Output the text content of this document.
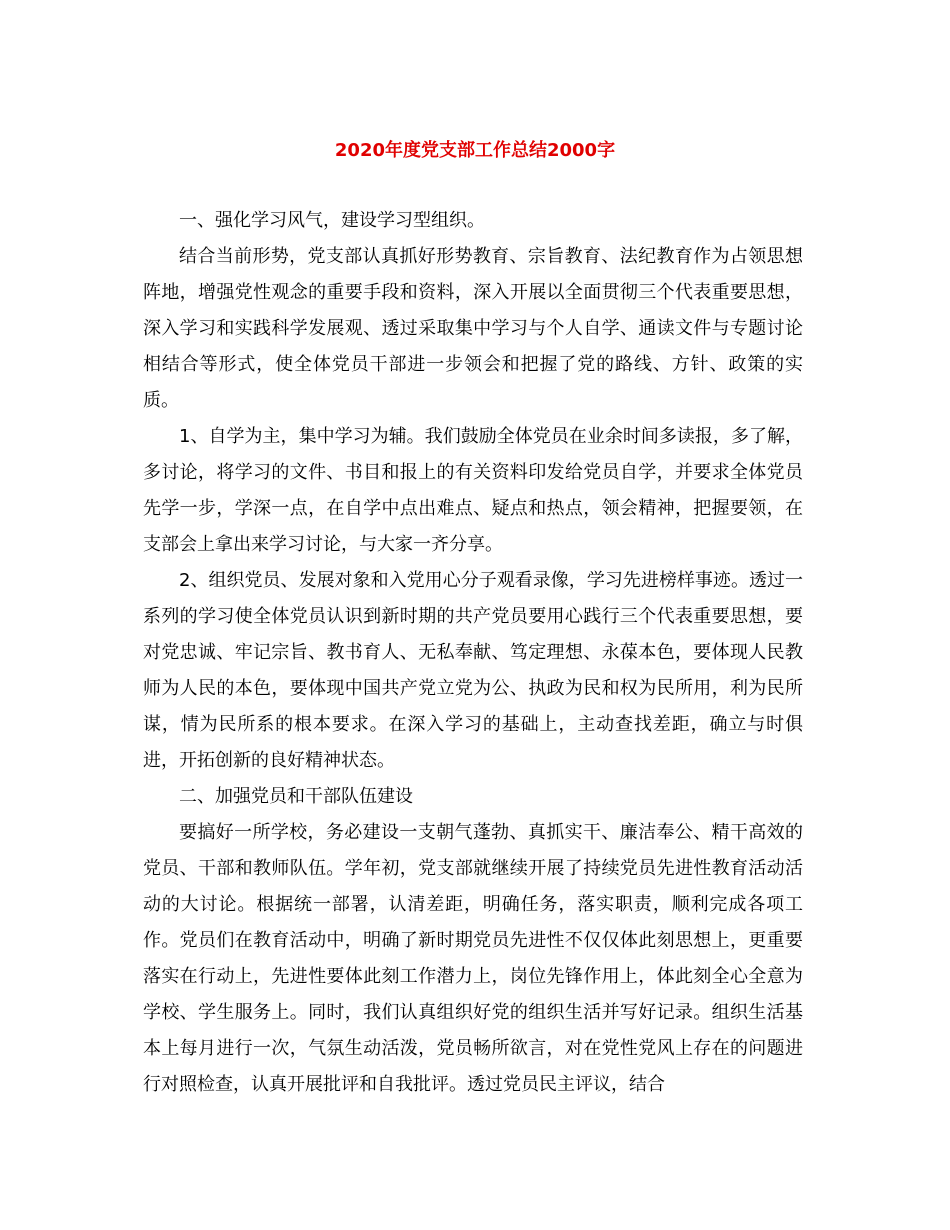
2020年度党支部工作总结2000字

一、强化学习风气，建设学习型组织。

结合当前形势，党支部认真抓好形势教育、宗旨教育、法纪教育作为占领思想阵地，增强党性观念的重要手段和资料，深入开展以全面贯彻三个代表重要思想，深入学习和实践科学发展观、透过采取集中学习与个人自学、通读文件与专题讨论相结合等形式，使全体党员干部进一步领会和把握了党的路线、方针、政策的实质。

1、自学为主，集中学习为辅。我们鼓励全体党员在业余时间多读报，多了解，多讨论，将学习的文件、书目和报上的有关资料印发给党员自学，并要求全体党员先学一步，学深一点，在自学中点出难点、疑点和热点，领会精神，把握要领，在支部会上拿出来学习讨论，与大家一齐分享。

2、组织党员、发展对象和入党用心分子观看录像，学习先进榜样事迹。透过一系列的学习使全体党员认识到新时期的共产党员要用心践行三个代表重要思想，要对党忠诚、牢记宗旨、教书育人、无私奉献、笃定理想、永葆本色，要体现人民教师为人民的本色，要体现中国共产党立党为公、执政为民和权为民所用，利为民所谋，情为民所系的根本要求。在深入学习的基础上，主动查找差距，确立与时俱进，开拓创新的良好精神状态。

二、加强党员和干部队伍建设

要搞好一所学校，务必建设一支朝气蓬勃、真抓实干、廉洁奉公、精干高效的党员、干部和教师队伍。学年初，党支部就继续开展了持续党员先进性教育活动活动的大讨论。根据统一部署，认清差距，明确任务，落实职责，顺利完成各项工作。党员们在教育活动中，明确了新时期党员先进性不仅仅体此刻思想上，更重要落实在行动上，先进性要体此刻工作潜力上，岗位先锋作用上，体此刻全心全意为学校、学生服务上。同时，我们认真组织好党的组织生活并写好记录。组织生活基本上每月进行一次，气氛生动活泼，党员畅所欲言，对在党性党风上存在的问题进行对照检查，认真开展批评和自我批评。透过党员民主评议，结合
